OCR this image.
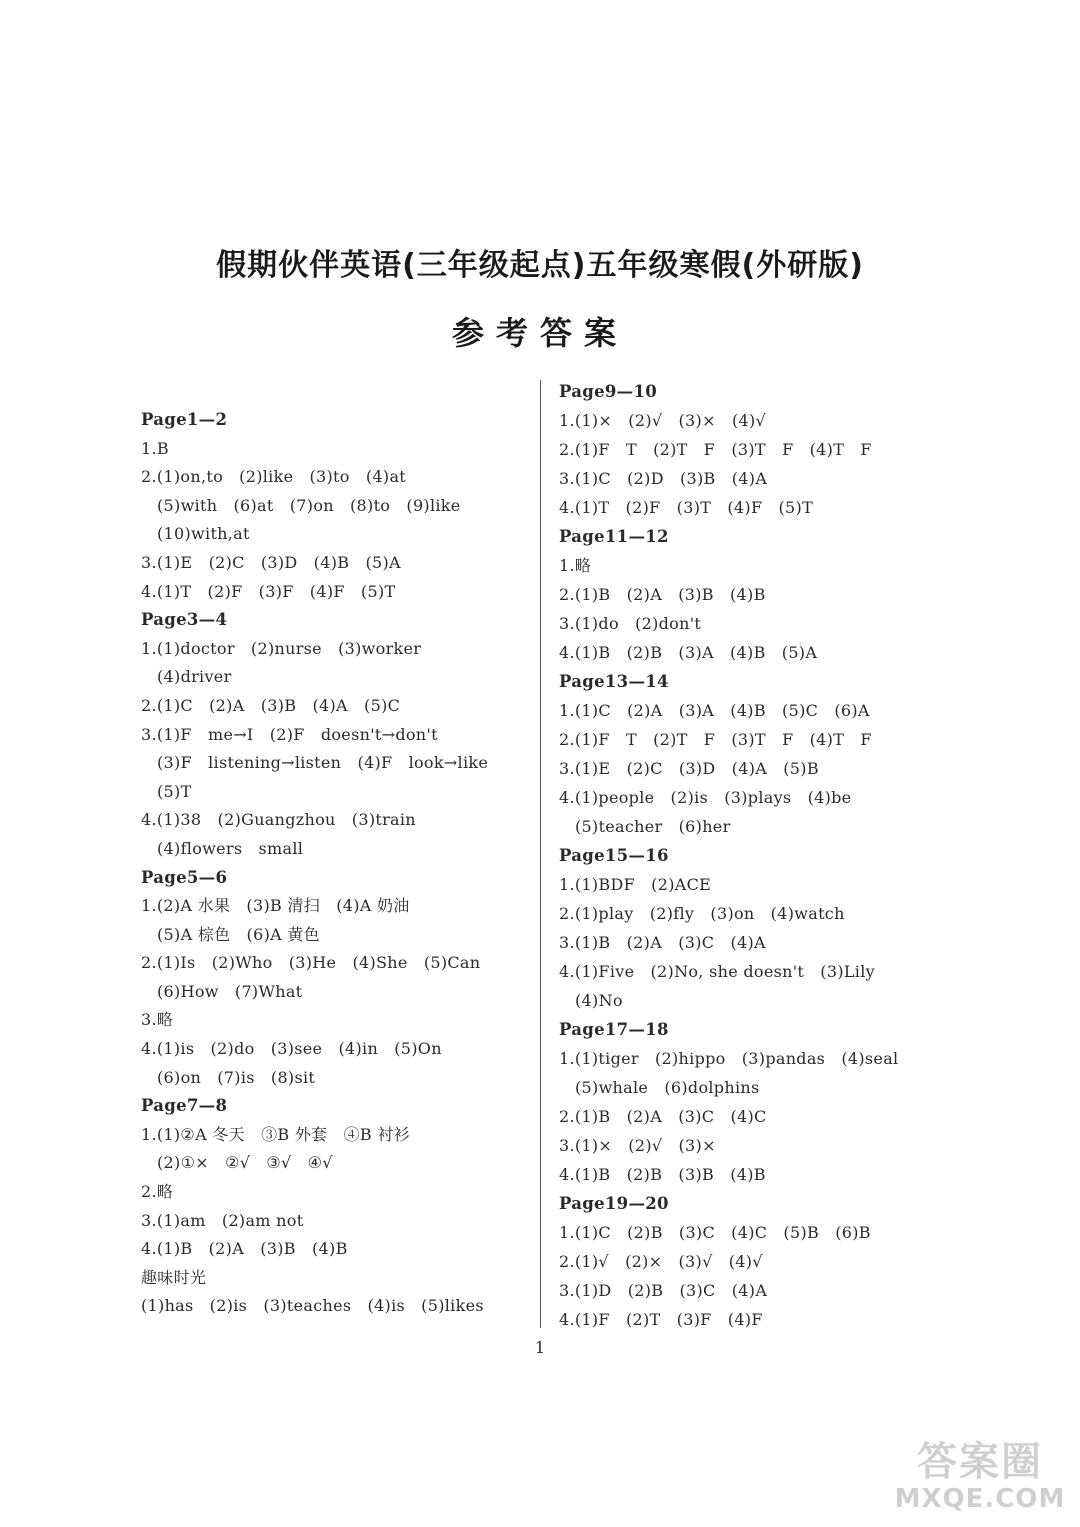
假期伙伴英语(三年级起点)五年级寒假(外研版)
参考答案
Page1—2
1.B
2.(1)on,to   (2)like   (3)to   (4)at
(5)with   (6)at   (7)on   (8)to   (9)like
(10)with,at
3.(1)E   (2)C   (3)D   (4)B   (5)A
4.(1)T   (2)F   (3)F   (4)F   (5)T
Page3—4
1.(1)doctor   (2)nurse   (3)worker
(4)driver
2.(1)C   (2)A   (3)B   (4)A   (5)C
3.(1)F   me→I   (2)F   doesn't→don't
(3)F   listening→listen   (4)F   look→like
(5)T
4.(1)38   (2)Guangzhou   (3)train
(4)flowers   small
Page5—6
1.(2)A 水果   (3)B 清扫   (4)A 奶油
(5)A 棕色   (6)A 黄色
2.(1)Is   (2)Who   (3)He   (4)She   (5)Can
(6)How   (7)What
3.略
4.(1)is   (2)do   (3)see   (4)in   (5)On
(6)on   (7)is   (8)sit
Page7—8
1.(1)②A 冬天   ③B 外套   ④B 衬衫
(2)①×   ②√   ③√   ④√
2.略
3.(1)am   (2)am not
4.(1)B   (2)A   (3)B   (4)B
趣味时光
(1)has   (2)is   (3)teaches   (4)is   (5)likes
Page9—10
1.(1)×   (2)√   (3)×   (4)√
2.(1)F   T   (2)T   F   (3)T   F   (4)T   F
3.(1)C   (2)D   (3)B   (4)A
4.(1)T   (2)F   (3)T   (4)F   (5)T
Page11—12
1.略
2.(1)B   (2)A   (3)B   (4)B
3.(1)do   (2)don't
4.(1)B   (2)B   (3)A   (4)B   (5)A
Page13—14
1.(1)C   (2)A   (3)A   (4)B   (5)C   (6)A
2.(1)F   T   (2)T   F   (3)T   F   (4)T   F
3.(1)E   (2)C   (3)D   (4)A   (5)B
4.(1)people   (2)is   (3)plays   (4)be
(5)teacher   (6)her
Page15—16
1.(1)BDF   (2)ACE
2.(1)play   (2)fly   (3)on   (4)watch
3.(1)B   (2)A   (3)C   (4)A
4.(1)Five   (2)No, she doesn't   (3)Lily
(4)No
Page17—18
1.(1)tiger   (2)hippo   (3)pandas   (4)seal
(5)whale   (6)dolphins
2.(1)B   (2)A   (3)C   (4)C
3.(1)×   (2)√   (3)×
4.(1)B   (2)B   (3)B   (4)B
Page19—20
1.(1)C   (2)B   (3)C   (4)C   (5)B   (6)B
2.(1)√   (2)×   (3)√   (4)√
3.(1)D   (2)B   (3)C   (4)A
4.(1)F   (2)T   (3)F   (4)F
1
答案圈
MXQE.COM
